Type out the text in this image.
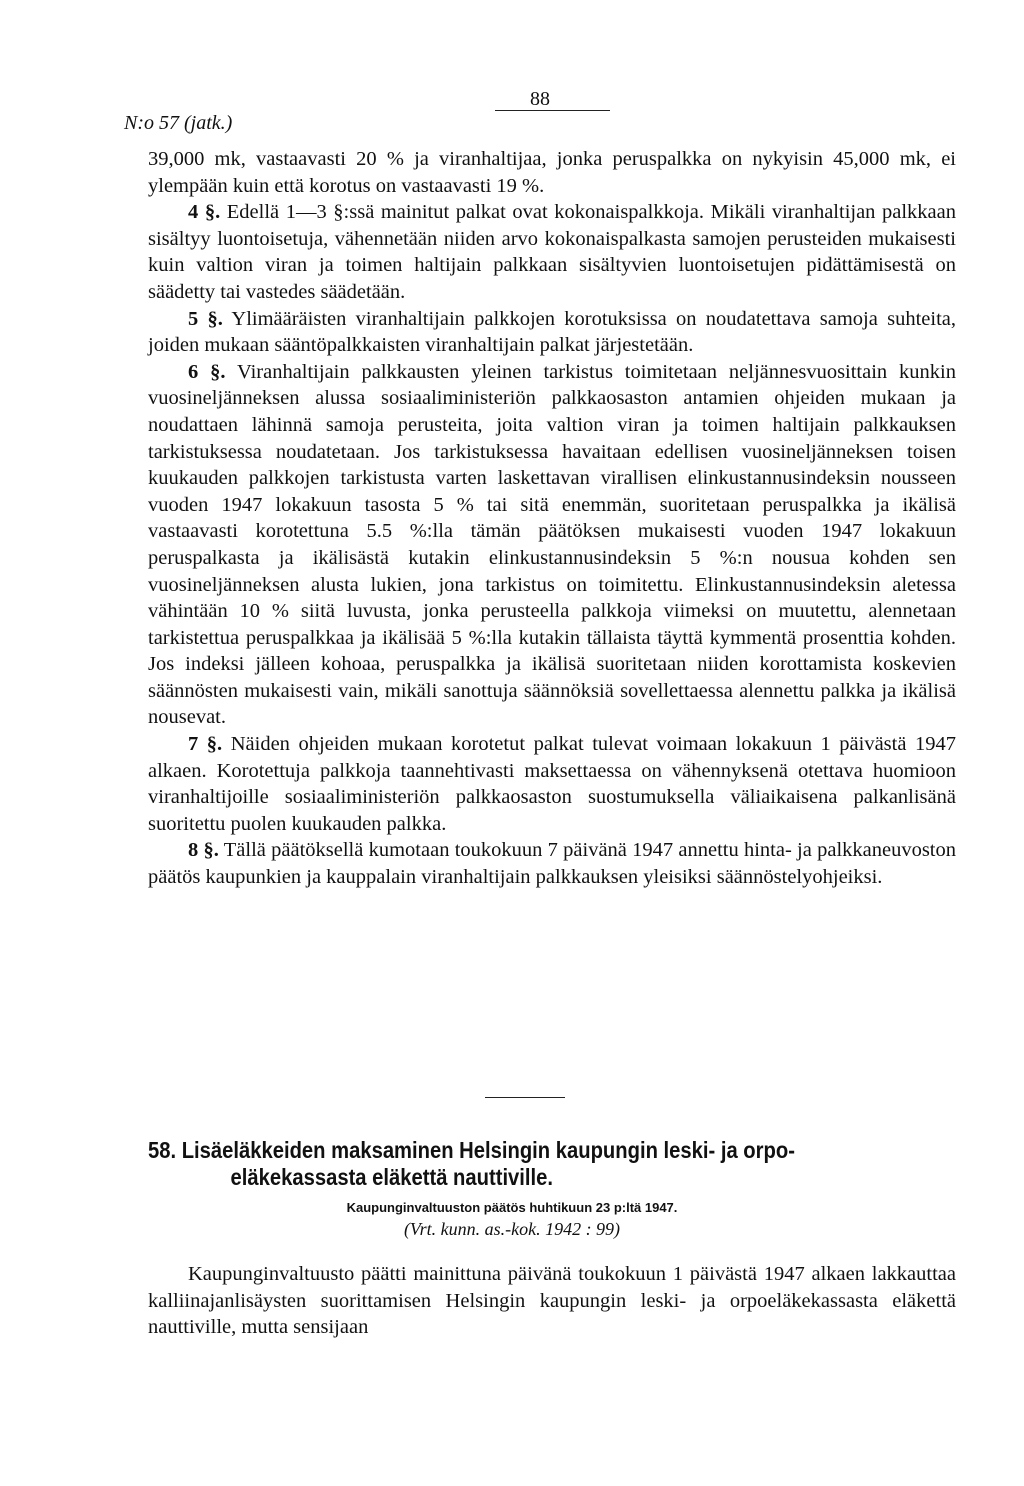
88
N:o 57 (jatk.)

39,000 mk, vastaavasti 20 % ja viranhaltijaa, jonka peruspalkka on nykyisin 45,000 mk, ei ylempään kuin että korotus on vastaavasti 19 %.

4 §. Edellä 1—3 §:ssä mainitut palkat ovat kokonaispalkkoja. Mikäli viranhaltijan palkkaan sisältyy luontoisetuja, vähennetään niiden arvo kokonaispalkasta samojen perusteiden mukaisesti kuin valtion viran ja toimen haltijain palkkaan sisältyvien luontoisetujen pidättämisestä on säädetty tai vastedes säädetään.

5 §. Ylimääräisten viranhaltijain palkkojen korotuksissa on noudatettava samoja suhteita, joiden mukaan sääntöpalkkaisten viranhaltijain palkat järjestetään.

6 §. Viranhaltijain palkkausten yleinen tarkistus toimitetaan neljännesvuosittain kunkin vuosineljänneksen alussa sosiaaliministeriön palkkaosaston antamien ohjeiden mukaan ja noudattaen lähinnä samoja perusteita, joita valtion viran ja toimen haltijain palkkauksen tarkistuksessa noudatetaan. Jos tarkistuksessa havaitaan edellisen vuosineljänneksen toisen kuukauden palkkojen tarkistusta varten laskettavan virallisen elinkustannusindeksin nousseen vuoden 1947 lokakuun tasosta 5 % tai sitä enemmän, suoritetaan peruspalkka ja ikälisä vastaavasti korotettuna 5.5 %:lla tämän päätöksen mukaisesti vuoden 1947 lokakuun peruspalkasta ja ikälisästä kutakin elinkustannusindeksin 5 %:n nousua kohden sen vuosineljänneksen alusta lukien, jona tarkistus on toimitettu. Elinkustannusindeksin aletessa vähintään 10 % siitä luvusta, jonka perusteella palkkoja viimeksi on muutettu, alennetaan tarkistettua peruspalkkaa ja ikälisää 5 %:lla kutakin tällaista täyttä kymmentä prosenttia kohden. Jos indeksi jälleen kohoaa, peruspalkka ja ikälisä suoritetaan niiden korottamista koskevien säännösten mukaisesti vain, mikäli sanottuja säännöksiä sovellettaessa alennettu palkka ja ikälisä nousevat.

7 §. Näiden ohjeiden mukaan korotetut palkat tulevat voimaan lokakuun 1 päivästä 1947 alkaen. Korotettuja palkkoja taannehtivasti maksettaessa on vähennyksenä otettava huomioon viranhaltijoille sosiaaliministeriön palkkaosaston suostumuksella väliaikaisena palkanlisänä suoritettu puolen kuukauden palkka.

8 §. Tällä päätöksellä kumotaan toukokuun 7 päivänä 1947 annettu hinta- ja palkkaneuvoston päätös kaupunkien ja kauppalain viranhaltijain palkkauksen yleisiksi säännöstelyohjeiksi.

58. Lisäeläkkeiden maksaminen Helsingin kaupungin leski- ja orpo-
eläkekassasta eläkettä nauttiville.
Kaupunginvaltuuston päätös huhtikuun 23 p:ltä 1947.
(Vrt. kunn. as.-kok. 1942 : 99)

Kaupunginvaltuusto päätti mainittuna päivänä toukokuun 1 päivästä 1947 alkaen lakkauttaa kalliinajanlisäysten suorittamisen Helsingin kaupungin leski- ja orpoeläkekassasta eläkettä nauttiville, mutta sensijaan
